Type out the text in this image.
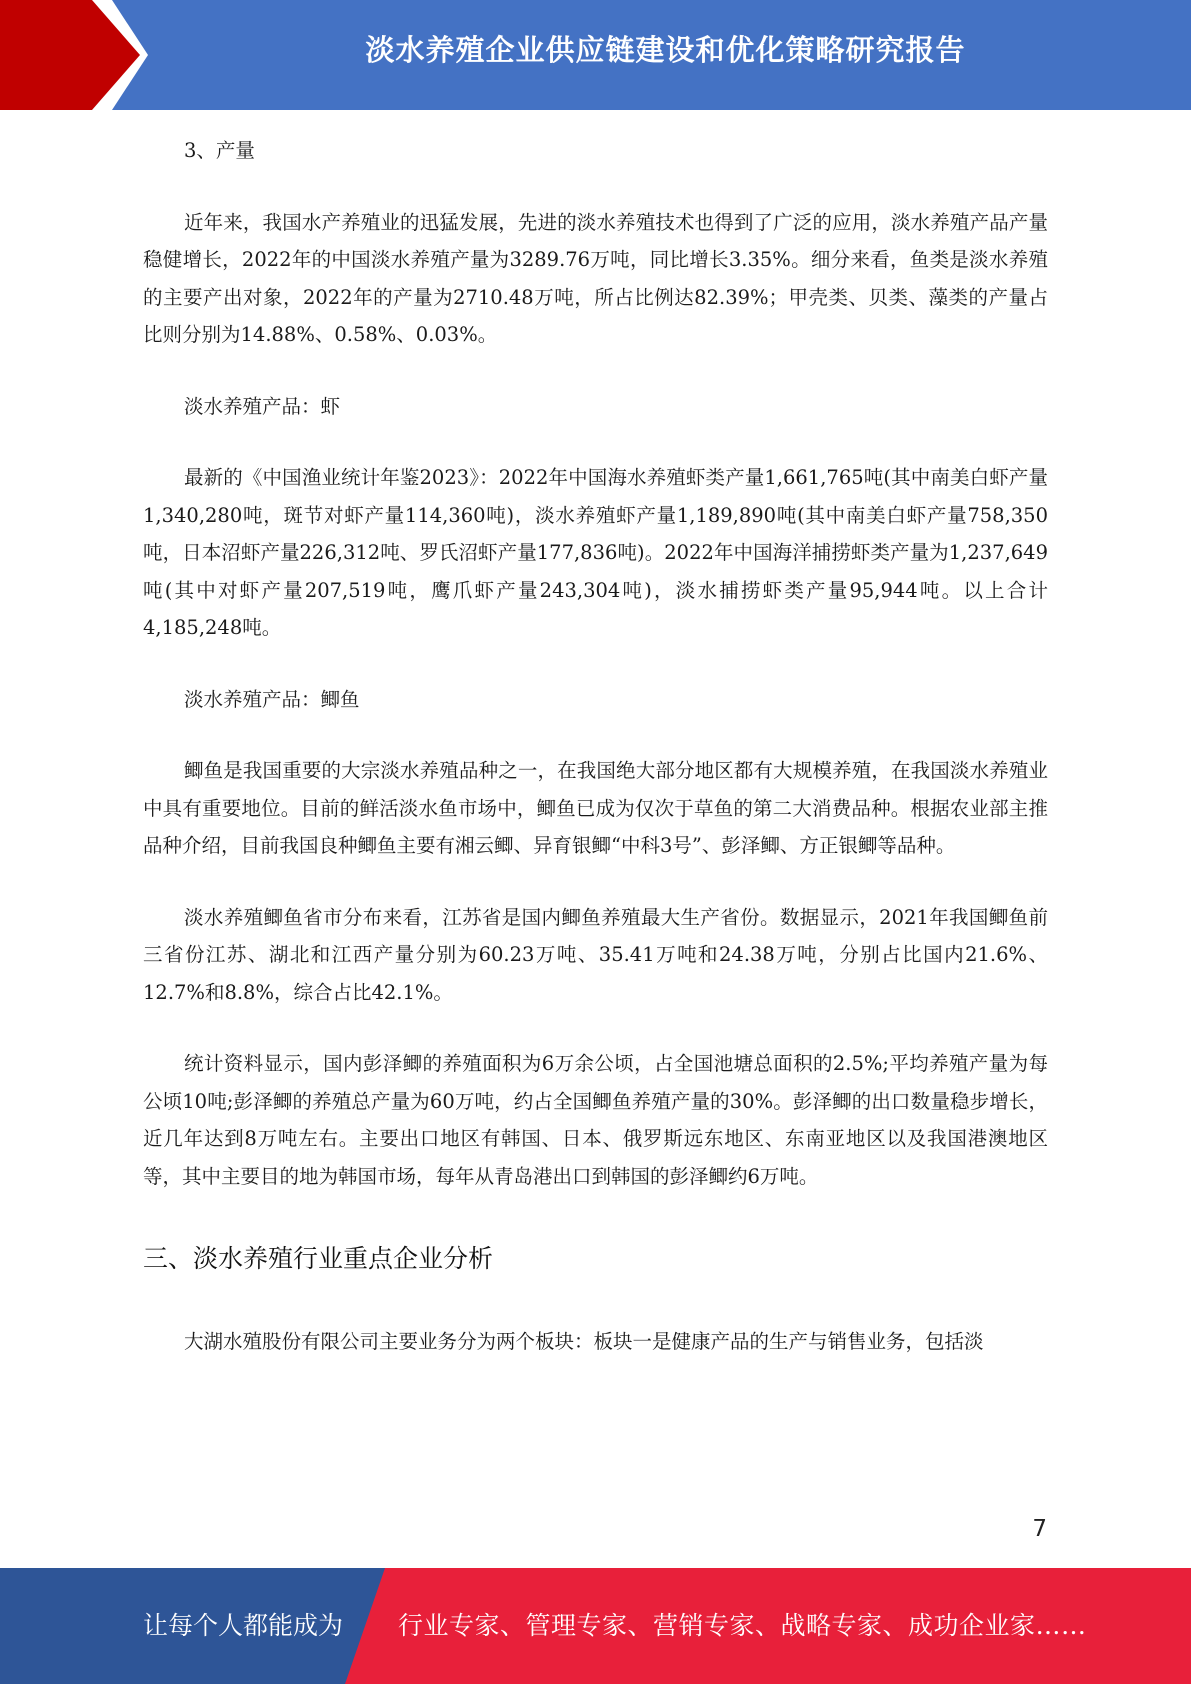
淡水养殖企业供应链建设和优化策略研究报告

3、产量

近年来，我国水产养殖业的迅猛发展，先进的淡水养殖技术也得到了广泛的应用，淡水养殖产品产量稳健增长，2022年的中国淡水养殖产量为3289.76万吨，同比增长3.35%。细分来看，鱼类是淡水养殖的主要产出对象，2022年的产量为2710.48万吨，所占比例达82.39%；甲壳类、贝类、藻类的产量占比则分别为14.88%、0.58%、0.03%。

淡水养殖产品：虾

最新的《中国渔业统计年鉴2023》：2022年中国海水养殖虾类产量1,661,765吨(其中南美白虾产量1,340,280吨，斑节对虾产量114,360吨)，淡水养殖虾产量1,189,890吨(其中南美白虾产量758,350吨，日本沼虾产量226,312吨、罗氏沼虾产量177,836吨)。2022年中国海洋捕捞虾类产量为1,237,649吨(其中对虾产量207,519吨，鹰爪虾产量243,304吨)，淡水捕捞虾类产量95,944吨。以上合计4,185,248吨。

淡水养殖产品：鲫鱼

鲫鱼是我国重要的大宗淡水养殖品种之一，在我国绝大部分地区都有大规模养殖，在我国淡水养殖业中具有重要地位。目前的鲜活淡水鱼市场中，鲫鱼已成为仅次于草鱼的第二大消费品种。根据农业部主推品种介绍，目前我国良种鲫鱼主要有湘云鲫、异育银鲫“中科3号”、彭泽鲫、方正银鲫等品种。

淡水养殖鲫鱼省市分布来看，江苏省是国内鲫鱼养殖最大生产省份。数据显示，2021年我国鲫鱼前三省份江苏、湖北和江西产量分别为60.23万吨、35.41万吨和24.38万吨，分别占比国内21.6%、12.7%和8.8%，综合占比42.1%。

统计资料显示，国内彭泽鲫的养殖面积为6万余公顷，占全国池塘总面积的2.5%;平均养殖产量为每公顷10吨;彭泽鲫的养殖总产量为60万吨，约占全国鲫鱼养殖产量的30%。彭泽鲫的出口数量稳步增长，近几年达到8万吨左右。主要出口地区有韩国、日本、俄罗斯远东地区、东南亚地区以及我国港澳地区等，其中主要目的地为韩国市场，每年从青岛港出口到韩国的彭泽鲫约6万吨。

三、淡水养殖行业重点企业分析

大湖水殖股份有限公司主要业务分为两个板块：板块一是健康产品的生产与销售业务，包括淡

7
让每个人都能成为 行业专家、管理专家、营销专家、战略专家、成功企业家……
